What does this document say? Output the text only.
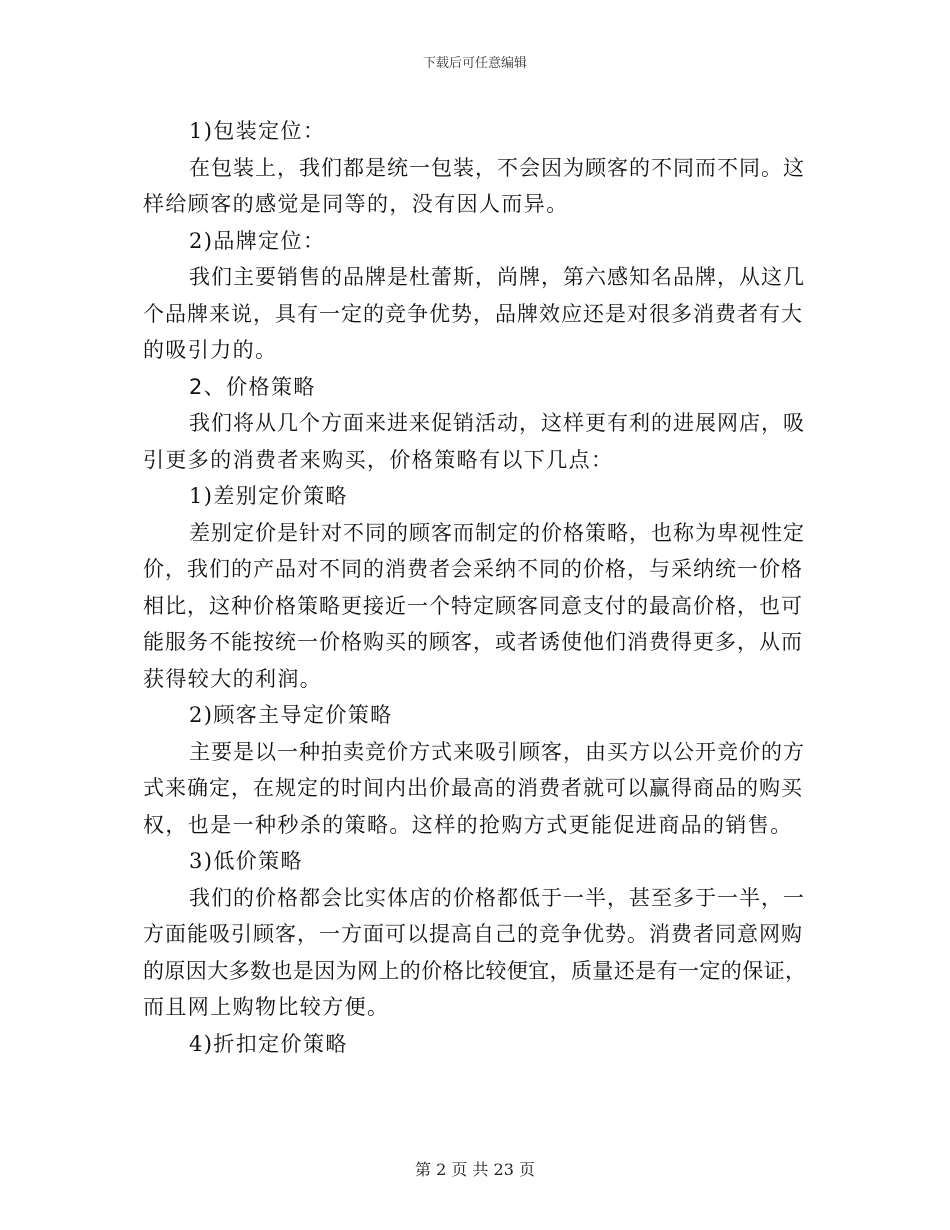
下载后可任意编辑
1)包装定位：
在包装上，我们都是统一包装，不会因为顾客的不同而不同。这
样给顾客的感觉是同等的，没有因人而异。
2)品牌定位：
我们主要销售的品牌是杜蕾斯，尚牌，第六感知名品牌，从这几
个品牌来说，具有一定的竞争优势，品牌效应还是对很多消费者有大
的吸引力的。
2、价格策略
我们将从几个方面来进来促销活动，这样更有利的进展网店，吸
引更多的消费者来购买，价格策略有以下几点：
1)差别定价策略
差别定价是针对不同的顾客而制定的价格策略，也称为卑视性定
价，我们的产品对不同的消费者会采纳不同的价格，与采纳统一价格
相比，这种价格策略更接近一个特定顾客同意支付的最高价格，也可
能服务不能按统一价格购买的顾客，或者诱使他们消费得更多，从而
获得较大的利润。
2)顾客主导定价策略
主要是以一种拍卖竞价方式来吸引顾客，由买方以公开竞价的方
式来确定，在规定的时间内出价最高的消费者就可以赢得商品的购买
权，也是一种秒杀的策略。这样的抢购方式更能促进商品的销售。
3)低价策略
我们的价格都会比实体店的价格都低于一半，甚至多于一半，一
方面能吸引顾客，一方面可以提高自己的竞争优势。消费者同意网购
的原因大多数也是因为网上的价格比较便宜，质量还是有一定的保证，
而且网上购物比较方便。
4)折扣定价策略
第 2 页 共 23 页
